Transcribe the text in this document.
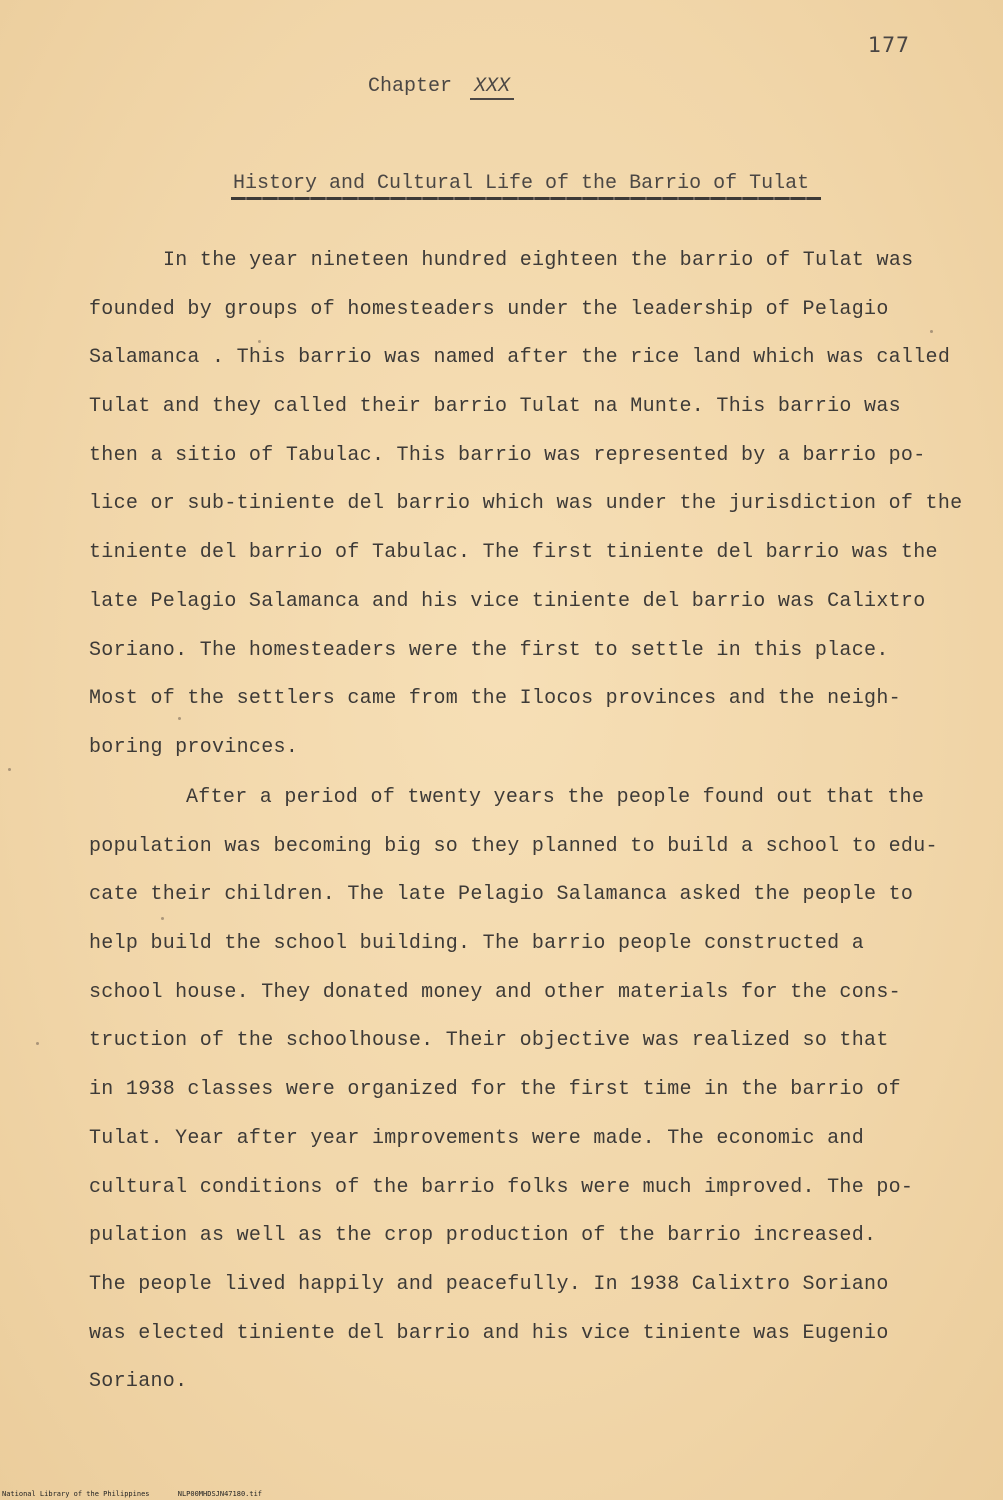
177
Chapter XXX
History and Cultural Life of the Barrio of Tulat
In the year nineteen hundred eighteen the barrio of Tulat was
founded by groups of homesteaders under the leadership of Pelagio
Salamanca . This barrio was named after the rice land which was called
Tulat and they called their barrio Tulat na Munte. This barrio was
then a sitio of Tabulac. This barrio was represented by a barrio po-
lice or sub-tiniente del barrio which was under the jurisdiction of the
tiniente del barrio of Tabulac. The first tiniente del barrio was the
late Pelagio Salamanca and his vice tiniente del barrio was Calixtro
Soriano. The homesteaders were the first to settle in this place.
Most of the settlers came from the Ilocos provinces and the neigh-
boring provinces.
After a period of twenty years the people found out that the
population was becoming big so they planned to build a school to edu-
cate their children. The late Pelagio Salamanca asked the people to
help build the school building. The barrio people constructed a
school house. They donated money and other materials for the cons-
truction of the schoolhouse. Their objective was realized so that
in 1938 classes were organized for the first time in the barrio of
Tulat. Year after year improvements were made. The economic and
cultural conditions of the barrio folks were much improved. The po-
pulation as well as the crop production of the barrio increased.
The people lived happily and peacefully. In 1938 Calixtro Soriano
was elected tiniente del barrio and his vice tiniente was Eugenio
Soriano.
National Library of the Philippines	NLP00MHDSJN47180.tif
